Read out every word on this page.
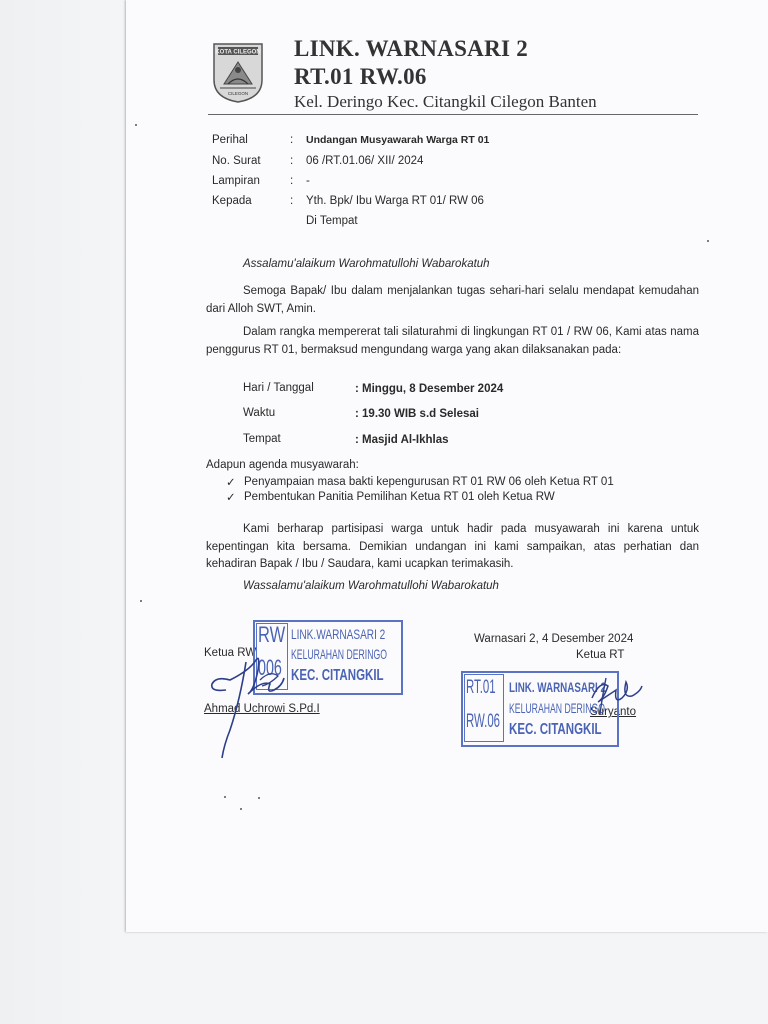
KOTA CILEGON
CILEGON
LINK. WARNASARI 2
RT.01 RW.06
Kel. Deringo Kec. Citangkil Cilegon Banten
Perihal	: Undangan Musyawarah Warga RT 01
No. Surat	: 06 /RT.01.06/ XII/ 2024
Lampiran	: -
Kepada	: Yth. Bpk/ Ibu Warga RT 01/ RW 06
Di Tempat
Assalamu'alaikum Warohmatullohi Wabarokatuh
Semoga Bapak/ Ibu dalam menjalankan tugas sehari-hari selalu mendapat kemudahan dari Alloh SWT, Amin.
Dalam rangka mempererat tali silaturahmi di lingkungan RT 01 / RW 06, Kami atas nama penggurus RT 01, bermaksud mengundang warga yang akan dilaksanakan pada:
Hari / Tanggal	: Minggu, 8 Desember 2024
Waktu	: 19.30 WIB s.d Selesai
Tempat	: Masjid Al-Ikhlas
Adapun agenda musyawarah:
✓ Penyampaian masa bakti kepengurusan RT 01 RW 06 oleh Ketua RT 01
✓ Pembentukan Panitia Pemilihan Ketua RT 01 oleh Ketua RW
Kami berharap partisipasi warga untuk hadir pada musyawarah ini karena untuk kepentingan kita bersama. Demikian undangan ini kami sampaikan, atas perhatian dan kehadiran Bapak / Ibu / Saudara, kami ucapkan terimakasih.
Wassalamu'alaikum Warohmatullohi Wabarokatuh
Warnasari 2, 4 Desember 2024
Ketua RT
Ketua RW
Ahmad Uchrowi S.Pd.I	Suryanto
RW
006
LINK.WARNASARI 2
KELURAHAN DERINGO
KEC. CITANGKIL
RT.01
RW.06
LINK. WARNASARI 2
KELURAHAN DERINGO
KEC. CITANGKIL
